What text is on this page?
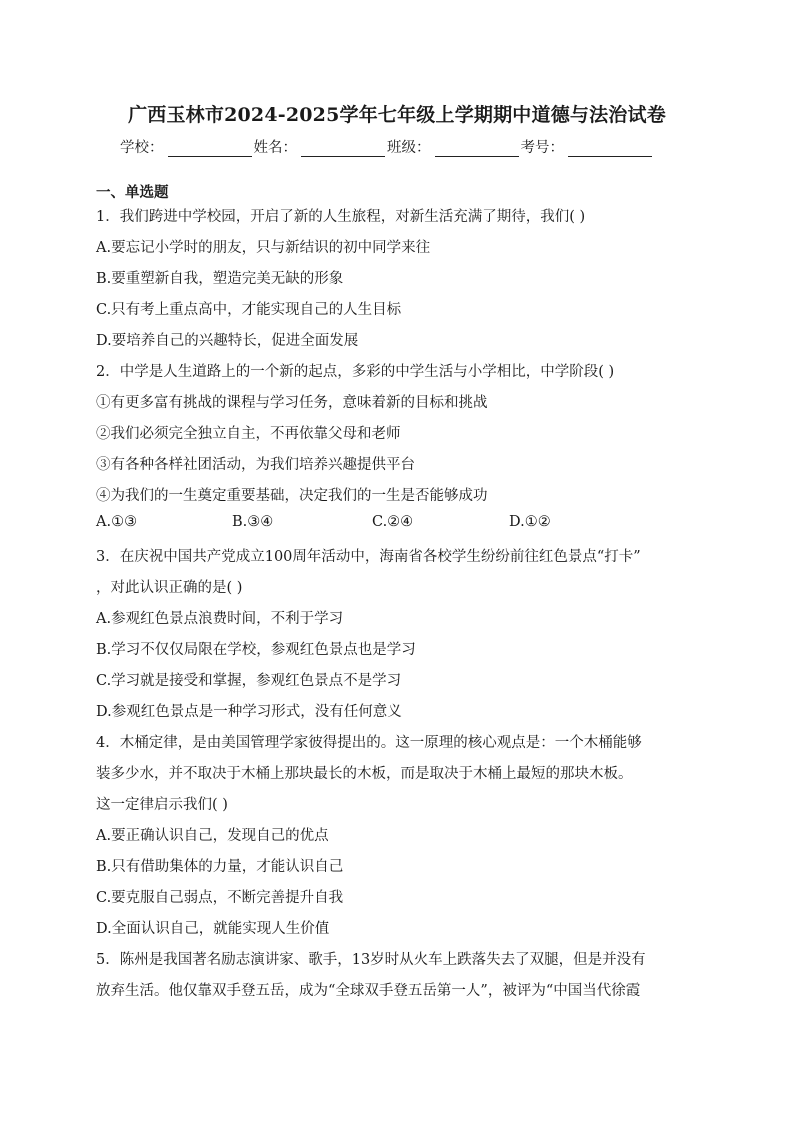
广西玉林市2024-2025学年七年级上学期期中道德与法治试卷
学校：	姓名：	班级：	考号：
一、单选题
1．我们跨进中学校园，开启了新的人生旅程，对新生活充满了期待，我们( )
A.要忘记小学时的朋友，只与新结识的初中同学来往
B.要重塑新自我，塑造完美无缺的形象
C.只有考上重点高中，才能实现自己的人生目标
D.要培养自己的兴趣特长，促进全面发展
2．中学是人生道路上的一个新的起点，多彩的中学生活与小学相比，中学阶段( )
①有更多富有挑战的课程与学习任务，意味着新的目标和挑战
②我们必须完全独立自主，不再依靠父母和老师
③有各种各样社团活动，为我们培养兴趣提供平台
④为我们的一生奠定重要基础，决定我们的一生是否能够成功
A.①③	B.③④	C.②④	D.①②
3．在庆祝中国共产党成立100周年活动中，海南省各校学生纷纷前往红色景点“打卡”
，对此认识正确的是( )
A.参观红色景点浪费时间，不利于学习
B.学习不仅仅局限在学校，参观红色景点也是学习
C.学习就是接受和掌握，参观红色景点不是学习
D.参观红色景点是一种学习形式，没有任何意义
4．木桶定律，是由美国管理学家彼得提出的。这一原理的核心观点是：一个木桶能够
装多少水，并不取决于木桶上那块最长的木板，而是取决于木桶上最短的那块木板。
这一定律启示我们( )
A.要正确认识自己，发现自己的优点
B.只有借助集体的力量，才能认识自己
C.要克服自己弱点，不断完善提升自我
D.全面认识自己，就能实现人生价值
5．陈州是我国著名励志演讲家、歌手，13岁时从火车上跌落失去了双腿，但是并没有
放弃生活。他仅靠双手登五岳，成为“全球双手登五岳第一人”，被评为“中国当代徐霞
